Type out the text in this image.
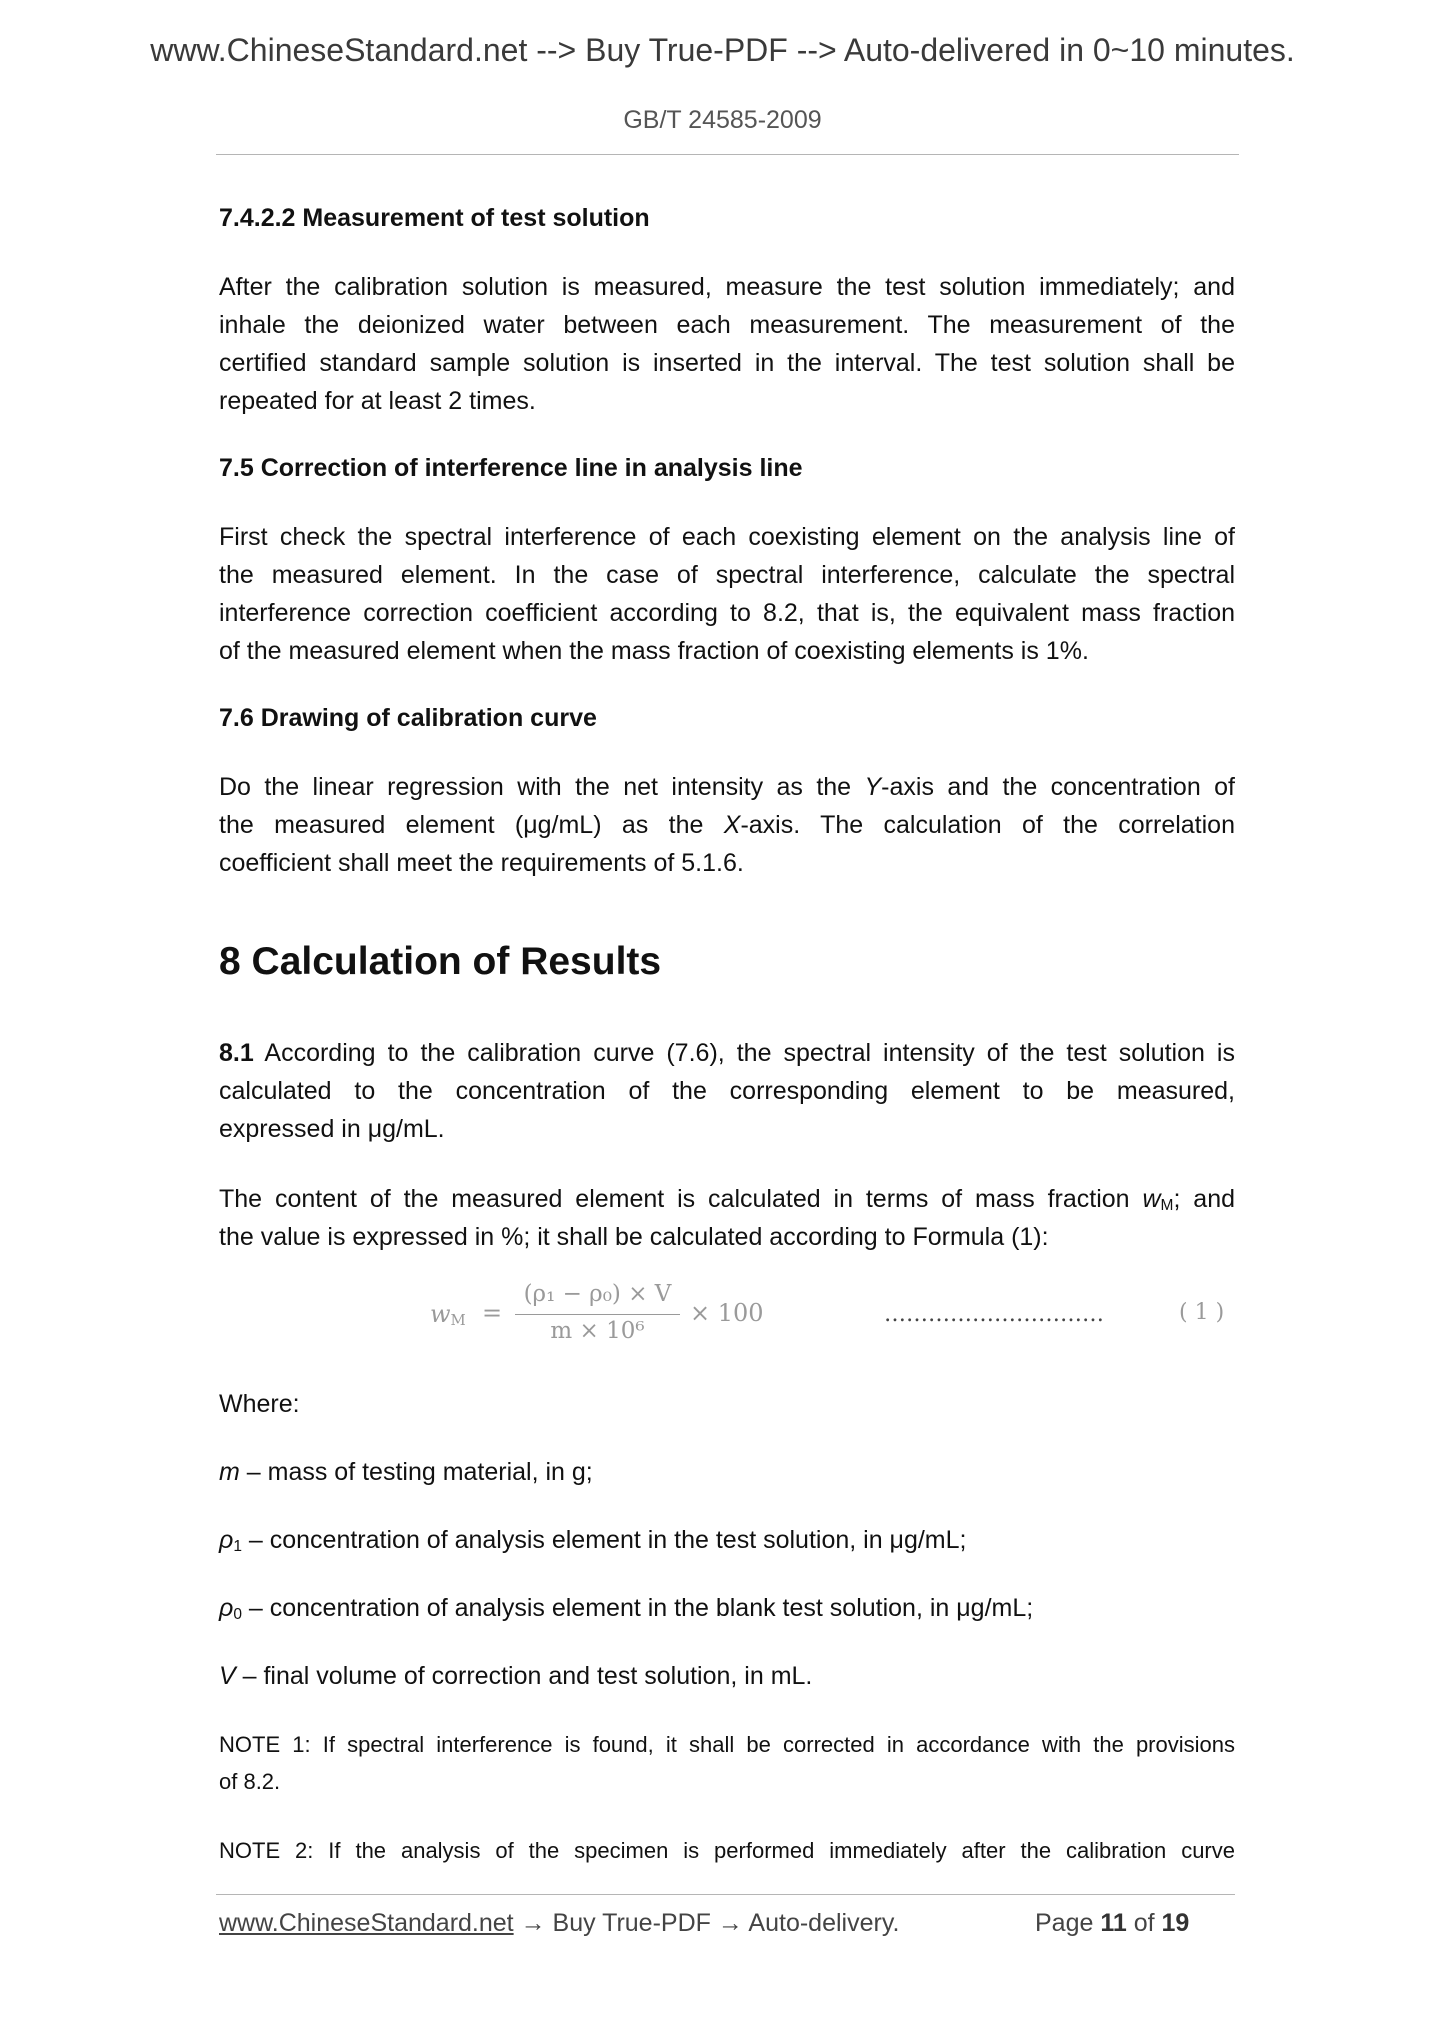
www.ChineseStandard.net --> Buy True-PDF --> Auto-delivered in 0~10 minutes.
GB/T 24585-2009
7.4.2.2 Measurement of test solution
After the calibration solution is measured, measure the test solution immediately; and
inhale the deionized water between each measurement. The measurement of the
certified standard sample solution is inserted in the interval. The test solution shall be
repeated for at least 2 times.
7.5 Correction of interference line in analysis line
First check the spectral interference of each coexisting element on the analysis line of
the measured element. In the case of spectral interference, calculate the spectral
interference correction coefficient according to 8.2, that is, the equivalent mass fraction
of the measured element when the mass fraction of coexisting elements is 1%.
7.6 Drawing of calibration curve
Do the linear regression with the net intensity as the Y-axis and the concentration of
the measured element (μg/mL) as the X-axis. The calculation of the correlation
coefficient shall meet the requirements of 5.1.6.
8 Calculation of Results
8.1 According to the calibration curve (7.6), the spectral intensity of the test solution is
calculated to the concentration of the corresponding element to be measured,
expressed in μg/mL.
The content of the measured element is calculated in terms of mass fraction $w_M$; and
the value is expressed in %; it shall be calculated according to Formula (1):
$w_M$ =
(ρ₁ − ρ₀) × V
m × 10⁶
× 100	…………………………	( 1 )
Where:
m – mass of testing material, in g;
$\rho_1$ – concentration of analysis element in the test solution, in μg/mL;
$\rho_0$ – concentration of analysis element in the blank test solution, in μg/mL;
V – final volume of correction and test solution, in mL.
NOTE 1: If spectral interference is found, it shall be corrected in accordance with the provisions
of 8.2.
NOTE 2: If the analysis of the specimen is performed immediately after the calibration curve
www.ChineseStandard.net → Buy True-PDF → Auto-delivery.	Page 11 of 19
